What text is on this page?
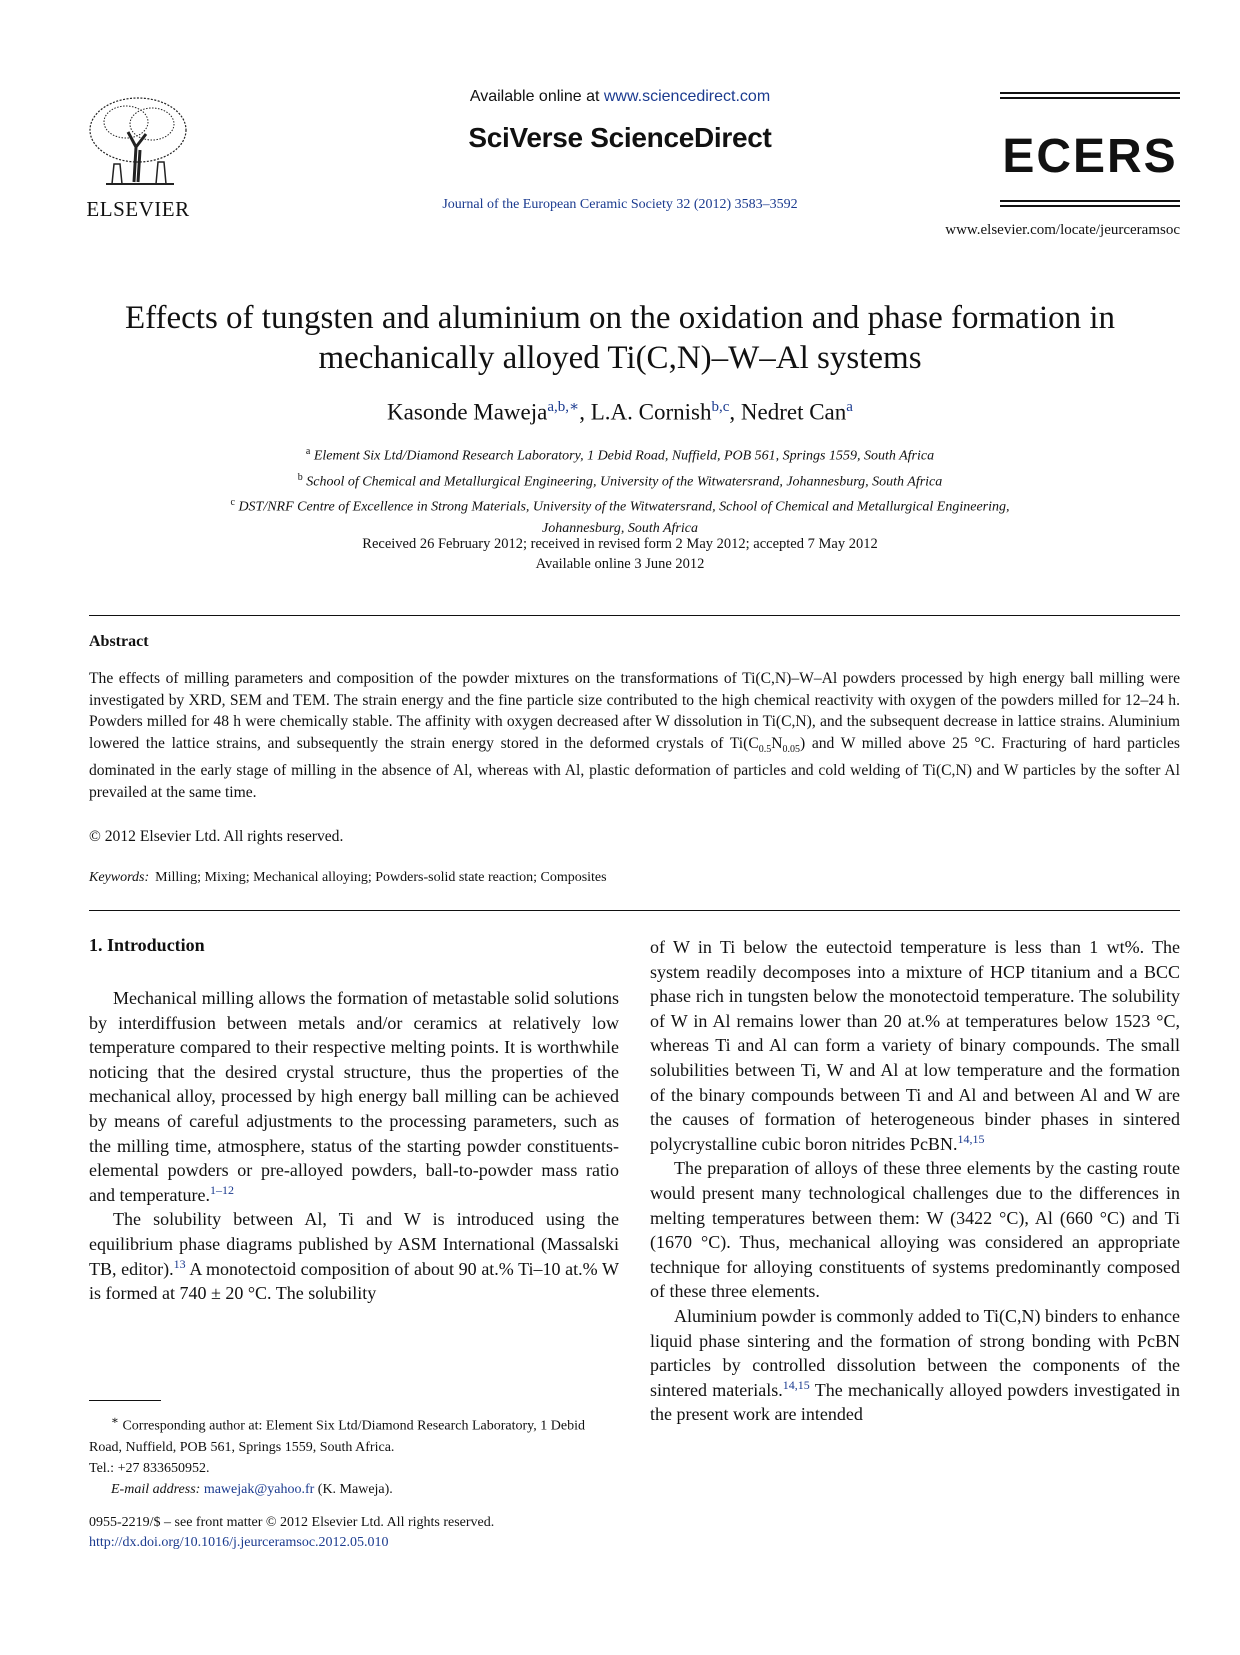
ELSEVIER
Available online at www.sciencedirect.com
SciVerse ScienceDirect
Journal of the European Ceramic Society 32 (2012) 3583–3592
ECERS
www.elsevier.com/locate/jeurceramsoc
Effects of tungsten and aluminium on the oxidation and phase formation in
mechanically alloyed Ti(C,N)–W–Al systems
Kasonde Maweja$^{a,b,∗}$, L.A. Cornish$^{b,c}$, Nedret Can$^a$
$^a$ Element Six Ltd/Diamond Research Laboratory, 1 Debid Road, Nuffield, POB 561, Springs 1559, South Africa
$^b$ School of Chemical and Metallurgical Engineering, University of the Witwatersrand, Johannesburg, South Africa
$^c$ DST/NRF Centre of Excellence in Strong Materials, University of the Witwatersrand, School of Chemical and Metallurgical Engineering,
Johannesburg, South Africa
Received 26 February 2012; received in revised form 2 May 2012; accepted 7 May 2012
Available online 3 June 2012
Abstract
The effects of milling parameters and composition of the powder mixtures on the transformations of Ti(C,N)–W–Al powders processed by high energy ball milling were investigated by XRD, SEM and TEM. The strain energy and the fine particle size contributed to the high chemical reactivity with oxygen of the powders milled for 12–24 h. Powders milled for 48 h were chemically stable. The affinity with oxygen decreased after W dissolution in Ti(C,N), and the subsequent decrease in lattice strains. Aluminium lowered the lattice strains, and subsequently the strain energy stored in the deformed crystals of $Ti(C_{0.5}N_{0.05})$ and W milled above 25 °C. Fracturing of hard particles dominated in the early stage of milling in the absence of Al, whereas with Al, plastic deformation of particles and cold welding of Ti(C,N) and W particles by the softer Al prevailed at the same time.
© 2012 Elsevier Ltd. All rights reserved.
Keywords: Milling; Mixing; Mechanical alloying; Powders-solid state reaction; Composites
1. Introduction

Mechanical milling allows the formation of metastable solid solutions by interdiffusion between metals and/or ceramics at relatively low temperature compared to their respective melting points. It is worthwhile noticing that the desired crystal structure, thus the properties of the mechanical alloy, processed by high energy ball milling can be achieved by means of careful adjustments to the processing parameters, such as the milling time, atmosphere, status of the starting powder constituents-elemental powders or pre-alloyed powders, ball-to-powder mass ratio and temperature.$^{1-12}$

The solubility between Al, Ti and W is introduced using the equilibrium phase diagrams published by ASM International (Massalski TB, editor).$^{13}$ A monotectoid composition of about 90 at.% Ti–10 at.% W is formed at 740 ± 20 °C. The solubility

∗ Corresponding author at: Element Six Ltd/Diamond Research Laboratory, 1 Debid Road, Nuffield, POB 561, Springs 1559, South Africa.

Tel.: +27 833650952.

E-mail address: mawejak@yahoo.fr (K. Maweja).

0955-2219/$ – see front matter © 2012 Elsevier Ltd. All rights reserved.
http://dx.doi.org/10.1016/j.jeurceramsoc.2012.05.010

of W in Ti below the eutectoid temperature is less than 1 wt%. The system readily decomposes into a mixture of HCP titanium and a BCC phase rich in tungsten below the monotectoid temperature. The solubility of W in Al remains lower than 20 at.% at temperatures below 1523 °C, whereas Ti and Al can form a variety of binary compounds. The small solubilities between Ti, W and Al at low temperature and the formation of the binary compounds between Ti and Al and between Al and W are the causes of formation of heterogeneous binder phases in sintered polycrystalline cubic boron nitrides PcBN.$^{14,15}$

The preparation of alloys of these three elements by the casting route would present many technological challenges due to the differences in melting temperatures between them: W (3422 °C), Al (660 °C) and Ti (1670 °C). Thus, mechanical alloying was considered an appropriate technique for alloying constituents of systems predominantly composed of these three elements.

Aluminium powder is commonly added to Ti(C,N) binders to enhance liquid phase sintering and the formation of strong bonding with PcBN particles by controlled dissolution between the components of the sintered materials.$^{14,15}$ The mechanically alloyed powders investigated in the present work are intended
